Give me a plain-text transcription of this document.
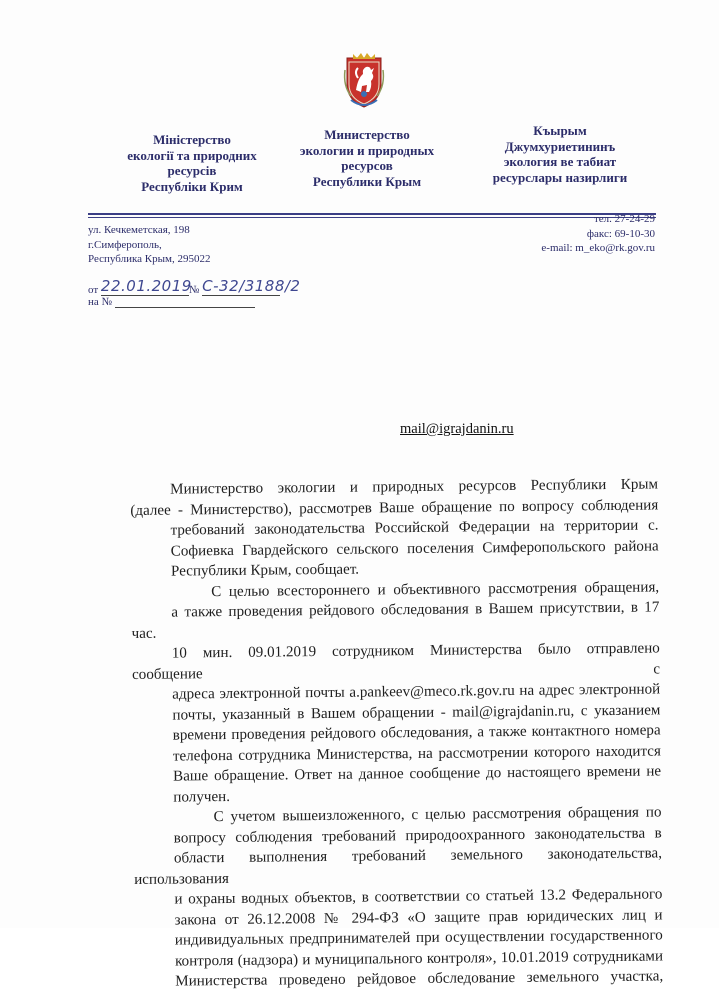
Міністерство
екології та природних
ресурсів
Республіки Крим
Министерство
экологии и природных
ресурсов
Республики Крым
Къырым
Джумхуриетининъ
экология ве табиат
ресурслары назирлиги
ул. Кечкеметская, 198
г.Симферополь,
Республика Крым, 295022
тел. 27-24-29
факс: 69-10-30
e-mail: m_eko@rk.gov.ru
от 22.01.2019№ С-32/3188/2
на №
mail@igrajdanin.ru

Министерство экологии и природных ресурсов Республики Крым
(далее - Министерство), рассмотрев Ваше обращение по вопросу соблюдения
требований законодательства Российской Федерации на территории с.
Софиевка Гвардейского сельского поселения Симферопольского района
Республики Крым, сообщает.

С целью всестороннего и объективного рассмотрения обращения,
а также проведения рейдового обследования в Вашем присутствии, в 17 час.
10 мин. 09.01.2019 сотрудником Министерства было отправлено сообщение с
адреса электронной почты a.pankeev@meco.rk.gov.ru на адрес электронной
почты, указанный в Вашем обращении - mail@igrajdanin.ru, с указанием
времени проведения рейдового обследования, а также контактного номера
телефона сотрудника Министерства, на рассмотрении которого находится
Ваше обращение. Ответ на данное сообщение до настоящего времени не
получен.

С учетом вышеизложенного, с целью рассмотрения обращения по
вопросу соблюдения требований природоохранного законодательства в
области выполнения требований земельного законодательства, использования
и охраны водных объектов, в соответствии со статьей 13.2 Федерального
закона от 26.12.2008 № 294-ФЗ «О защите прав юридических лиц и
индивидуальных предпринимателей при осуществлении государственного
контроля (надзора) и муниципального контроля», 10.01.2019 сотрудниками
Министерства проведено рейдовое обследование земельного участка,
